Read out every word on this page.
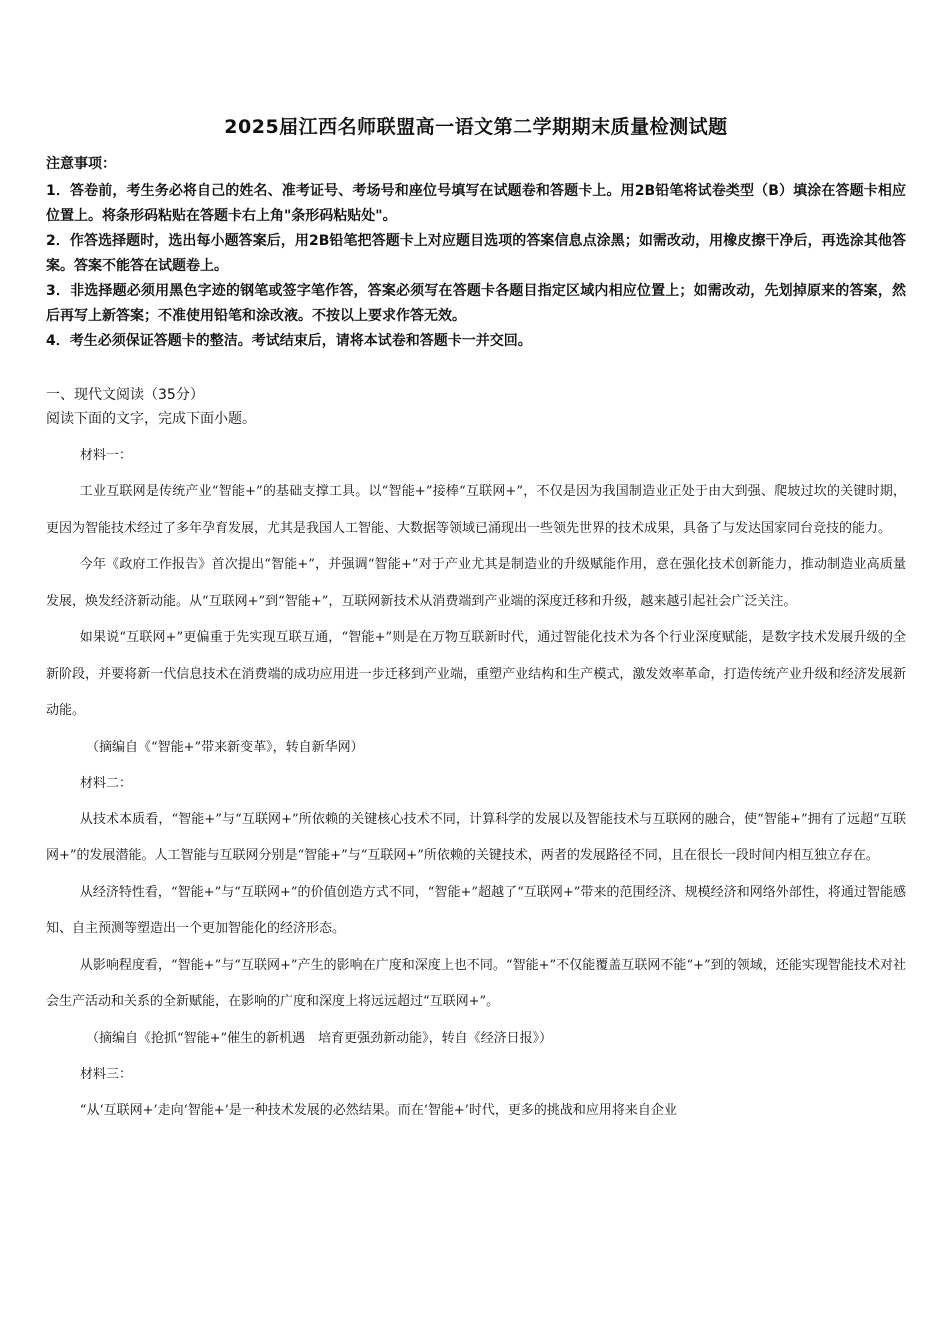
2025届江西名师联盟高一语文第二学期期末质量检测试题

注意事项：

1．答卷前，考生务必将自己的姓名、准考证号、考场号和座位号填写在试题卷和答题卡上。用2B铅笔将试卷类型（B）填涂在答题卡相应位置上。将条形码粘贴在答题卡右上角"条形码粘贴处"。

2．作答选择题时，选出每小题答案后，用2B铅笔把答题卡上对应题目选项的答案信息点涂黑；如需改动，用橡皮擦干净后，再选涂其他答案。答案不能答在试题卷上。

3．非选择题必须用黑色字迹的钢笔或签字笔作答，答案必须写在答题卡各题目指定区域内相应位置上；如需改动，先划掉原来的答案，然后再写上新答案；不准使用铅笔和涂改液。不按以上要求作答无效。

4．考生必须保证答题卡的整洁。考试结束后，请将本试卷和答题卡一并交回。

一、现代文阅读（35分）

阅读下面的文字，完成下面小题。

材料一：

工业互联网是传统产业“智能+”的基础支撑工具。以“智能+”接棒“互联网+”，不仅是因为我国制造业正处于由大到强、爬坡过坎的关键时期，更因为智能技术经过了多年孕育发展，尤其是我国人工智能、大数据等领域已涌现出一些领先世界的技术成果，具备了与发达国家同台竞技的能力。

今年《政府工作报告》首次提出“智能+”，并强调“智能+”对于产业尤其是制造业的升级赋能作用，意在强化技术创新能力，推动制造业高质量发展，焕发经济新动能。从“互联网+”到“智能+”，互联网新技术从消费端到产业端的深度迁移和升级，越来越引起社会广泛关注。

如果说“互联网+”更偏重于先实现互联互通，“智能+”则是在万物互联新时代，通过智能化技术为各个行业深度赋能，是数字技术发展升级的全新阶段，并要将新一代信息技术在消费端的成功应用进一步迁移到产业端，重塑产业结构和生产模式，激发效率革命，打造传统产业升级和经济发展新动能。

（摘编自《“智能+”带来新变革》，转自新华网）

材料二：

从技术本质看，“智能+”与“互联网+”所依赖的关键核心技术不同，计算科学的发展以及智能技术与互联网的融合，使“智能+”拥有了远超“互联网+”的发展潜能。人工智能与互联网分别是“智能+”与“互联网+”所依赖的关键技术，两者的发展路径不同，且在很长一段时间内相互独立存在。

从经济特性看，“智能+”与“互联网+”的价值创造方式不同，“智能+”超越了“互联网+”带来的范围经济、规模经济和网络外部性，将通过智能感知、自主预测等塑造出一个更加智能化的经济形态。

从影响程度看，“智能+”与“互联网+”产生的影响在广度和深度上也不同。“智能+”不仅能覆盖互联网不能“+”到的领域，还能实现智能技术对社会生产活动和关系的全新赋能，在影响的广度和深度上将远远超过“互联网+”。

（摘编自《抢抓“智能+”催生的新机遇　培育更强劲新动能》，转自《经济日报》）

材料三：

“从‘互联网+’走向‘智能+’是一种技术发展的必然结果。而在‘智能+’时代，更多的挑战和应用将来自企业
